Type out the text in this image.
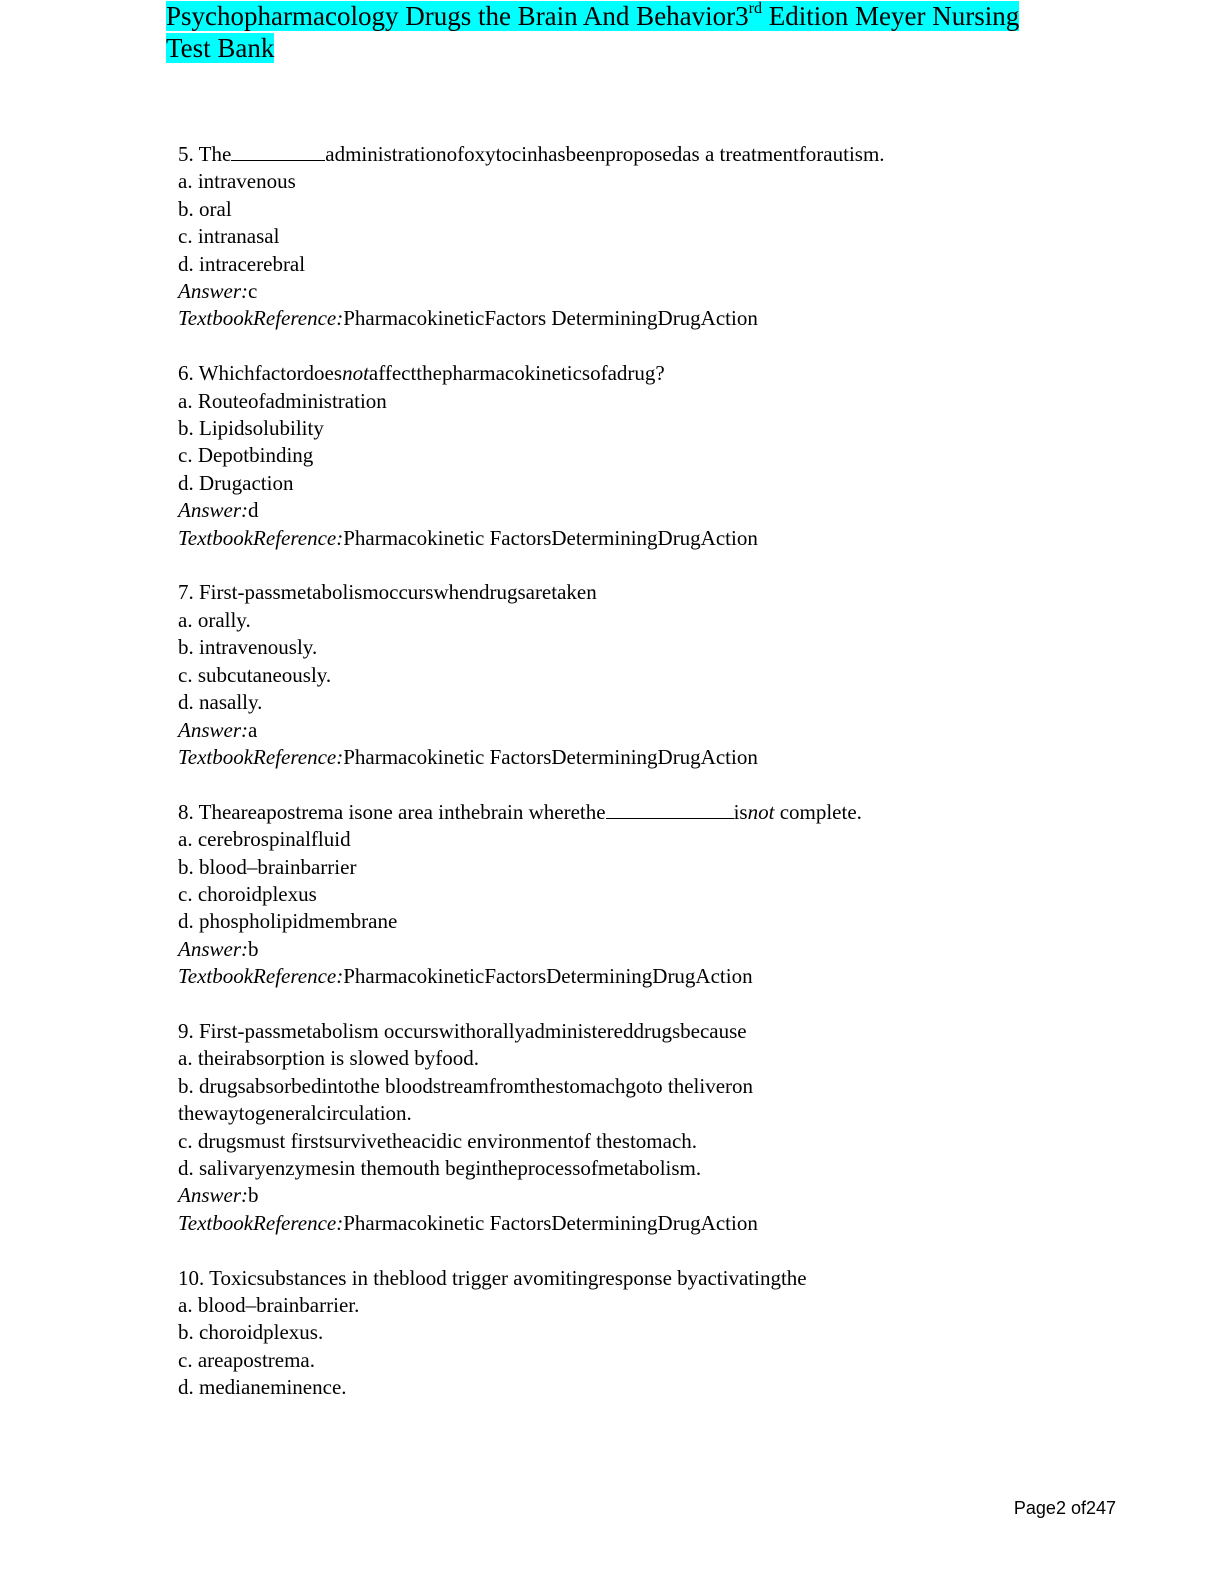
Psychopharmacology Drugs the Brain And Behavior3rd Edition Meyer Nursing
Test Bank
5. The	administrationofoxytocinhasbeenproposedas a treatmentforautism.
a. intravenous
b. oral
c. intranasal
d. intracerebral
Answer:c
TextbookReference:PharmacokineticFactors DeterminingDrugAction
6. Whichfactordoesnotaffectthepharmacokineticsofadrug?
a. Routeofadministration
b. Lipidsolubility
c. Depotbinding
d. Drugaction
Answer:d
TextbookReference:Pharmacokinetic FactorsDeterminingDrugAction
7. First-passmetabolismoccurswhendrugsaretaken
a. orally.
b. intravenously.
c. subcutaneously.
d. nasally.
Answer:a
TextbookReference:Pharmacokinetic FactorsDeterminingDrugAction
8. Theareapostrema isone area inthebrain wherethe	isnot complete.
a. cerebrospinalfluid
b. blood–brainbarrier
c. choroidplexus
d. phospholipidmembrane
Answer:b
TextbookReference:PharmacokineticFactorsDeterminingDrugAction
9. First-passmetabolism occurswithorallyadministereddrugsbecause
a. theirabsorption is slowed byfood.
b. drugsabsorbedintothe bloodstreamfromthestomachgoto theliveron
thewaytogeneralcirculation.
c. drugsmust firstsurvivetheacidic environmentof thestomach.
d. salivaryenzymesin themouth begintheprocessofmetabolism.
Answer:b
TextbookReference:Pharmacokinetic FactorsDeterminingDrugAction
10. Toxicsubstances in theblood trigger avomitingresponse byactivatingthe
a. blood–brainbarrier.
b. choroidplexus.
c. areapostrema.
d. medianeminence.
Page2 of247
